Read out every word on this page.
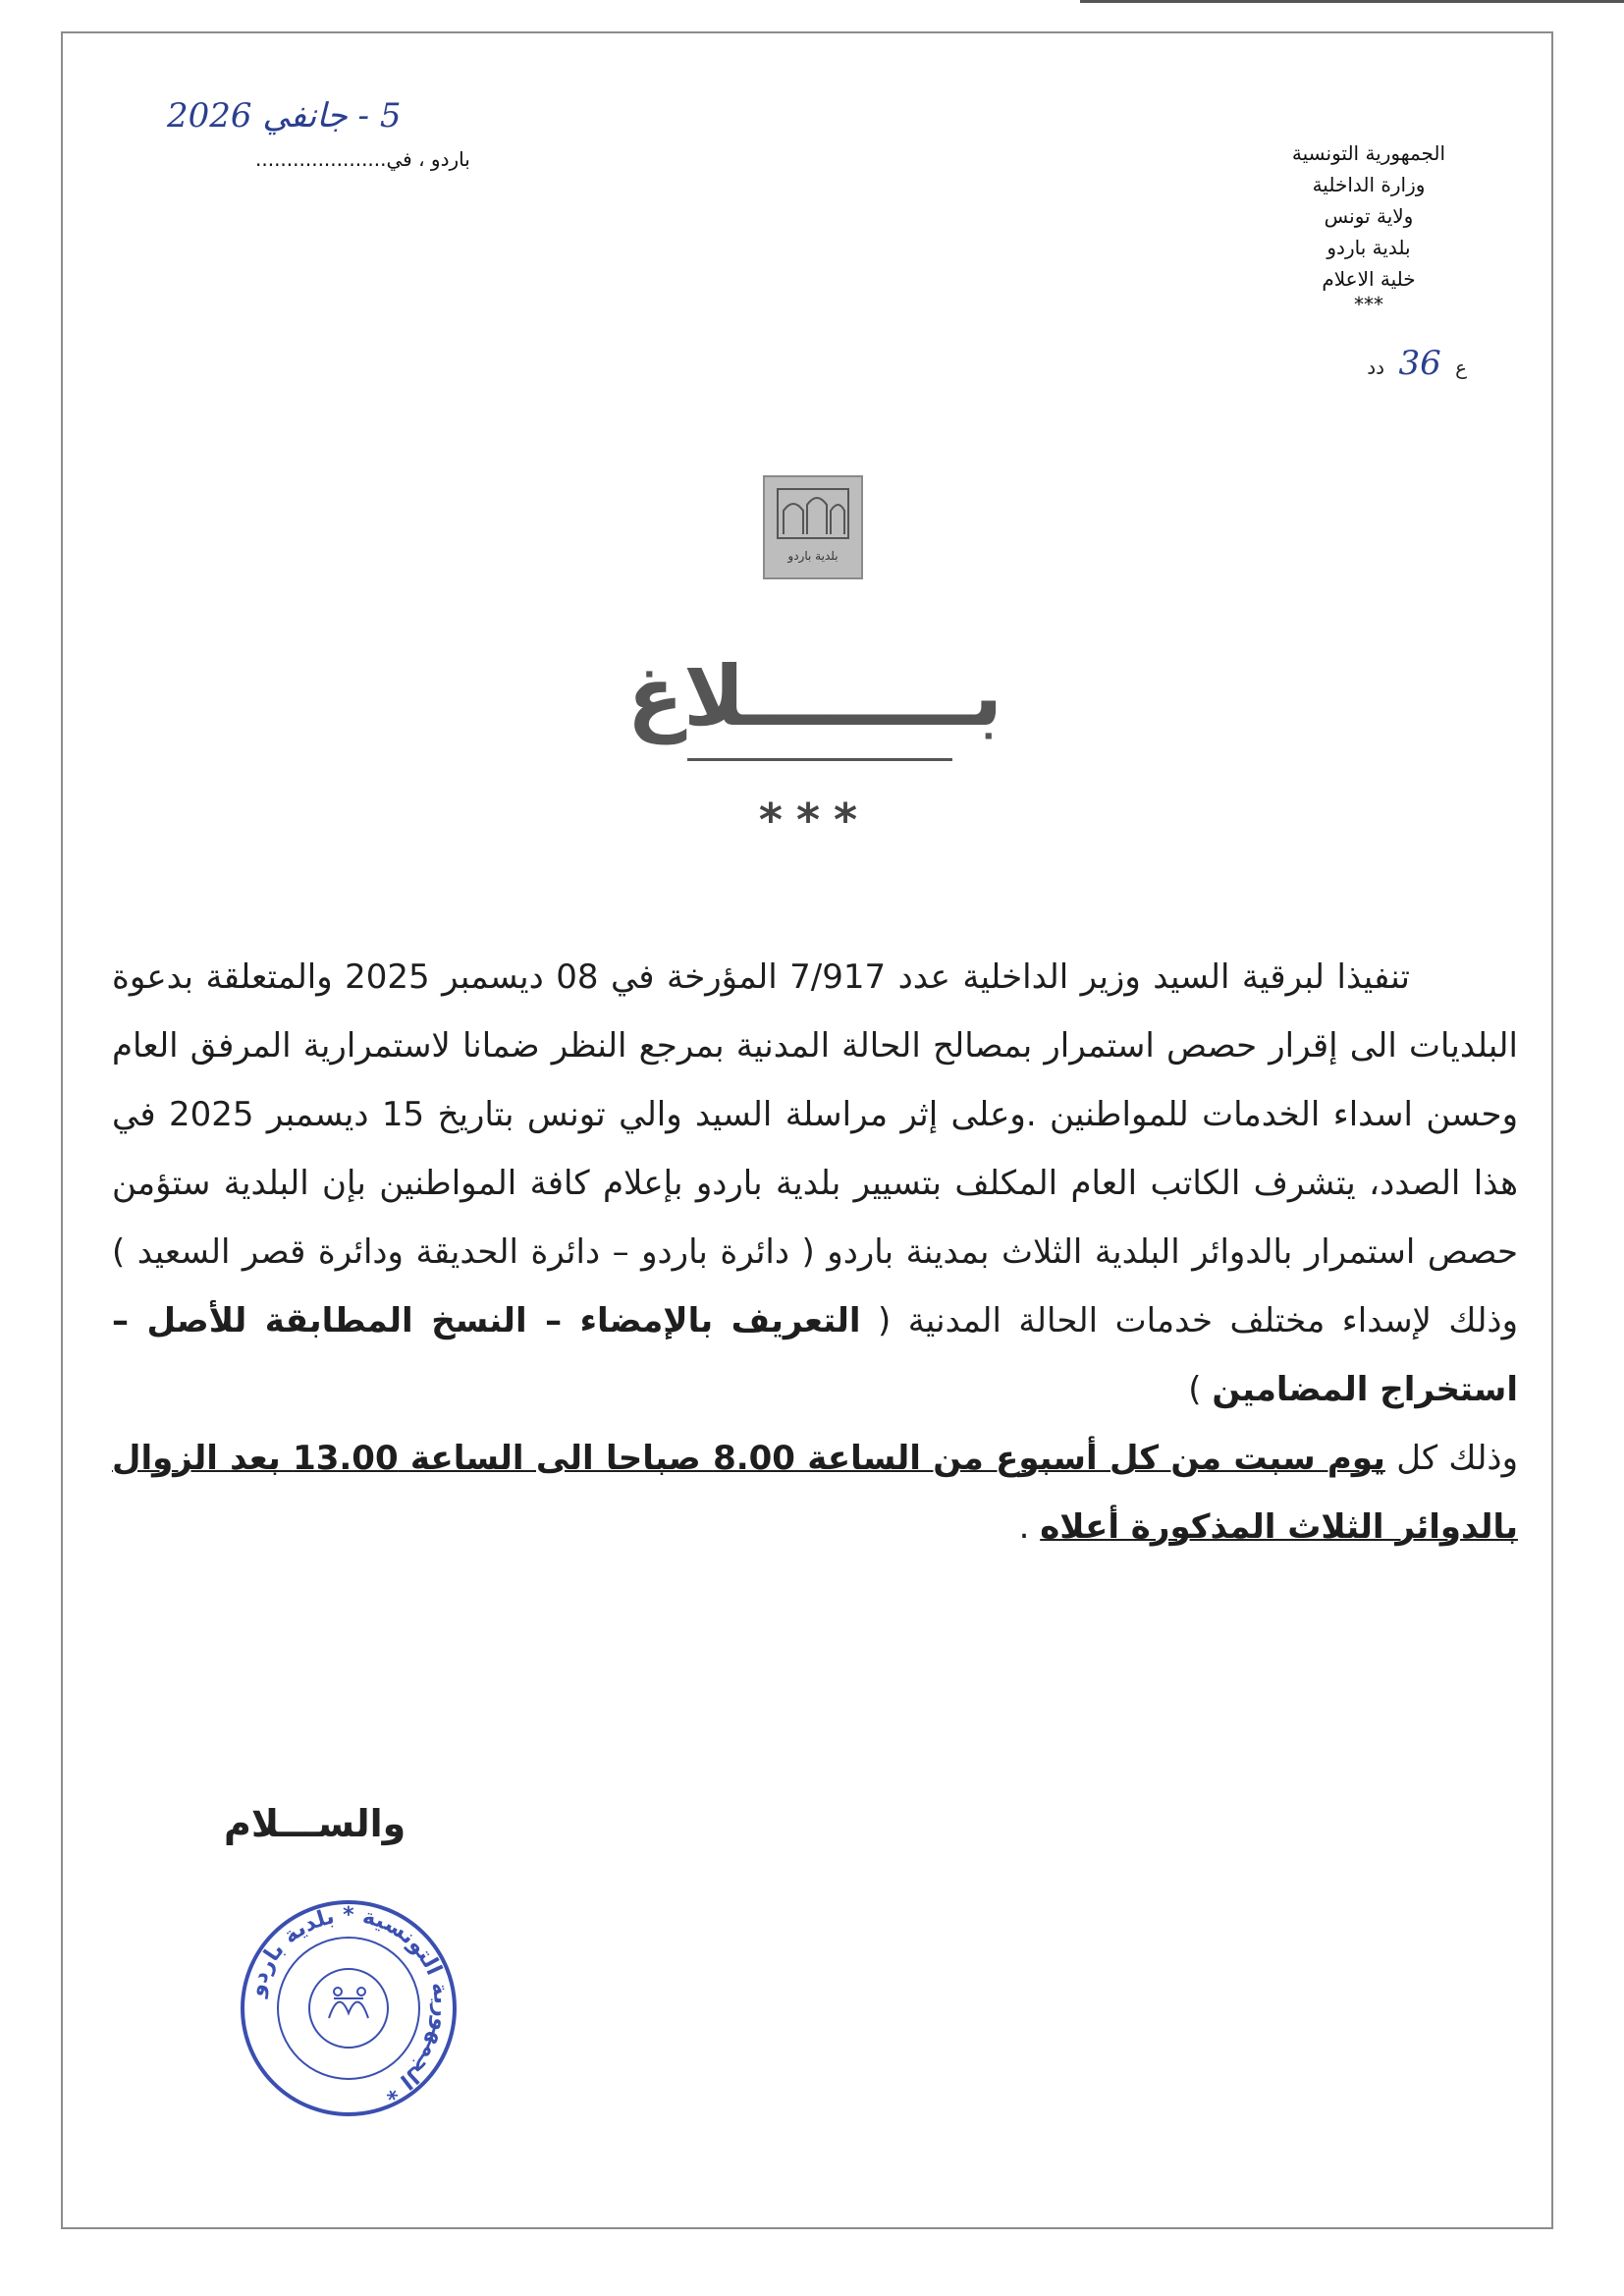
الجمهورية التونسية
وزارة الداخلية
ولاية تونس
بلدية باردو
خلية الاعلام
***
ع 36 دد
5 - جانفي 2026
باردو ، في.....................
بلدية باردو
بــــــــلاغ
***

تنفيذا لبرقية السيد وزير الداخلية عدد 7/917 المؤرخة في 08 ديسمبر 2025 والمتعلقة بدعوة البلديات الى إقرار حصص استمرار بمصالح الحالة المدنية بمرجع النظر ضمانا لاستمرارية المرفق العام وحسن اسداء الخدمات للمواطنين .وعلى إثر مراسلة السيد والي تونس بتاريخ 15 ديسمبر 2025 في هذا الصدد، يتشرف الكاتب العام المكلف بتسيير بلدية باردو بإعلام كافة المواطنين بإن البلدية ستؤمن حصص استمرار بالدوائر البلدية الثلاث بمدينة باردو ( دائرة باردو – دائرة الحديقة ودائرة قصر السعيد ) وذلك لإسداء مختلف خدمات الحالة المدنية ( التعريف بالإمضاء – النسخ المطابقة للأصل – استخراج المضامين )

وذلك كل يوم سبت من كل أسبوع من الساعة 8.00 صباحا الى الساعة 13.00 بعد الزوال بالدوائر الثلاث المذكورة أعلاه .

والســـلام
الجمهورية التونسية * بلدية باردو *
